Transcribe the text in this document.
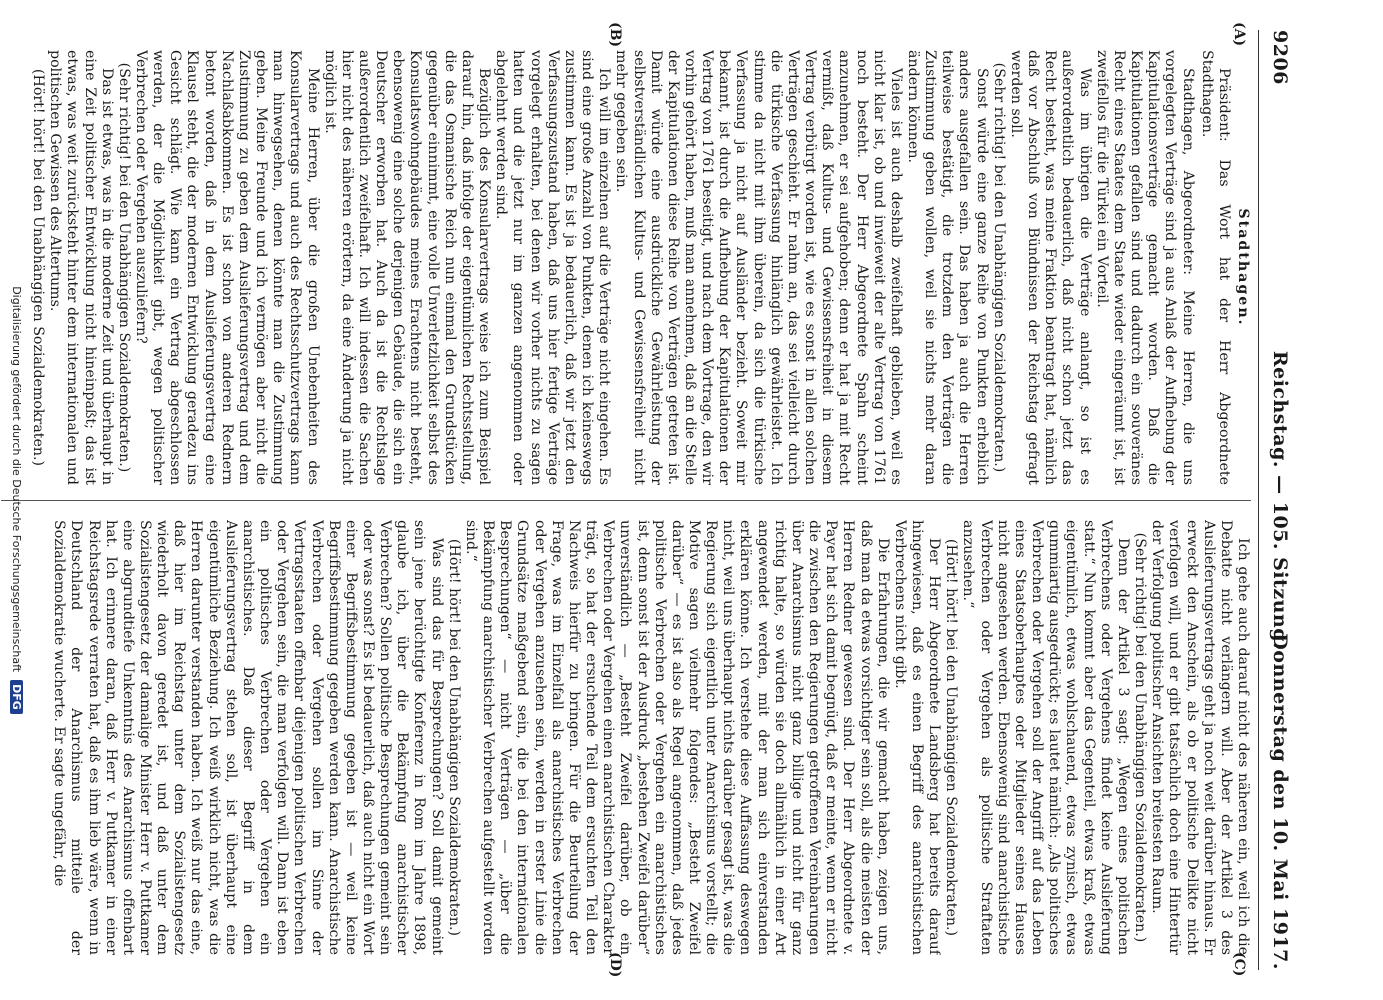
9206
Reichstag. — 105. Sitzung.
Donnerstag den 10. Mai 1917.
(A)
(B)
(C)
(D)

Stadthagen.

Präsident: Das Wort hat der Herr Abgeordnete Stadthagen.

Stadthagen, Abgeordneter: Meine Herren, die uns vorgelegten Verträge sind ja aus Anlaß der Aufhebung der Kapitulationsverträge gemacht worden. Daß die Kapitulationen gefallen sind und dadurch ein souveränes Recht eines Staates dem Staate wieder eingeräumt ist, ist zweifellos für die Türkei ein Vorteil.

Was im übrigen die Verträge anlangt, so ist es außerordentlich bedauerlich, daß nicht schon jetzt das Recht besteht, was meine Fraktion beantragt hat, nämlich daß vor Abschluß von Bündnissen der Reichstag gefragt werden soll.

(Sehr richtig! bei den Unabhängigen Sozialdemokraten.)

Sonst würde eine ganze Reihe von Punkten erheblich anders ausgefallen sein. Das haben ja auch die Herren teilweise bestätigt, die trotzdem den Verträgen die Zustimmung geben wollen, weil sie nichts mehr daran ändern können.

Vieles ist auch deshalb zweifelhaft geblieben, weil es nicht klar ist, ob und inwieweit der alte Vertrag von 1761 noch besteht. Der Herr Abgeordnete Spahn scheint anzunehmen, er sei aufgehoben; denn er hat ja mit Recht vermißt, daß Kultus- und Gewissensfreiheit in diesem Vertrag verbürgt worden ist, wie es sonst in allen solchen Verträgen geschieht. Er nahm an, das sei vielleicht durch die türkische Verfassung hinlänglich gewährleistet. Ich stimme da nicht mit ihm überein, da sich die türkische Verfassung ja nicht auf Ausländer bezieht. Soweit mir bekannt, ist durch die Aufhebung der Kapitulationen der Vertrag von 1761 beseitigt, und nach dem Vortrage, den wir vorhin gehört haben, muß man annehmen, daß an die Stelle der Kapitulationen diese Reihe von Verträgen getreten ist. Damit würde eine ausdrückliche Gewährleistung der selbstverständlichen Kultus- und Gewissensfreiheit nicht mehr gegeben sein.

Ich will im einzelnen auf die Verträge nicht eingehen. Es sind eine große Anzahl von Punkten, denen ich keineswegs zustimmen kann. Es ist ja bedauerlich, daß wir jetzt den Verfassungszustand haben, daß uns hier fertige Verträge vorgelegt erhalten, bei denen wir vorher nichts zu sagen hatten und die jetzt nur im ganzen angenommen oder abgelehnt werden sind.

Bezüglich des Konsularvertrags weise ich zum Beispiel darauf hin, daß infolge der eigentümlichen Rechtsstellung, die das Osmanische Reich nun einmal den Grundstücken gegenüber einnimmt, eine volle Unverletzlichkeit selbst des Konsulatswohngebäudes meines Erachtens nicht besteht, ebensowenig eine solche derjenigen Gebäude, die sich ein Deutscher erworben hat. Auch da ist die Rechtslage außerordentlich zweifelhaft. Ich will indessen die Sachen hier nicht des näheren erörtern, da eine Änderung ja nicht möglich ist.

Meine Herren, über die großen Unebenheiten des Konsularvertrags und auch des Rechtsschutzvertrags kann man hinwegsehen, denen könnte man die Zustimmung geben. Meine Freunde und ich vermögen aber nicht die Zustimmung zu geben dem Auslieferungsvertrag und dem Nachlaßabkommen. Es ist schon von anderen Rednern betont worden, daß in dem Auslieferungsvertrag eine Klausel steht, die der modernen Entwicklung geradezu ins Gesicht schlägt. Wie kann ein Vertrag abgeschlossen werden, der die Möglichkeit gibt, wegen politischer Verbrechen oder Vergehen auszuliefern?

(Sehr richtig! bei den Unabhängigen Sozialdemokraten.)

Das ist etwas, was in die moderne Zeit und überhaupt in eine Zeit politischer Entwicklung nicht hineinpaßt; das ist etwas, was weit zurücksteht hinter dem internationalen und politischen Gewissen des Altertums.

(Hört! hört! bei den Unabhängigen Sozialdemokraten.)

Ich gehe auch darauf nicht des näheren ein, weil ich die Debatte nicht verlängern will. Aber der Artikel 3 des Auslieferungsvertrags geht ja noch weit darüber hinaus. Er erweckt den Anschein, als ob er politische Delikte nicht verfolgen will, und er gibt tatsächlich doch eine Hintertür der Verfolgung politischer Ansichten breitesten Raum.

(Sehr richtig! bei den Unabhängigen Sozialdemokraten.)

Denn der Artikel 3 sagt: „Wegen eines politischen Verbrechens oder Vergehens findet keine Auslieferung statt.“ Nun kommt aber das Gegenteil, etwas kraß, etwas eigentümlich, etwas wohlschauend, etwas zynisch, etwas gummiartig ausgedrückt; es lautet nämlich: „Als politisches Verbrechen oder Vergehen soll der Angriff auf das Leben eines Staatsoberhauptes oder Mitglieder seines Hauses nicht angesehen werden. Ebensowenig sind anarchistische Verbrechen oder Vergehen als politische Straftaten anzusehen.“

(Hört! hört! bei den Unabhängigen Sozialdemokraten.)

Der Herr Abgeordnete Landsberg hat bereits darauf hingewiesen, daß es einen Begriff des anarchistischen Verbrechens nicht gibt.

Die Erfahrungen, die wir gemacht haben, zeigen uns, daß man da etwas vorsichtiger sein soll, als die meisten der Herren Redner gewesen sind. Der Herr Abgeordnete v. Payer hat sich damit begnügt, daß er meinte, wenn er nicht die zwischen den Regierungen getroffenen Vereinbarungen über Anarchismus nicht ganz billige und nicht für ganz richtig halte, so würden sie doch allmählich in einer Art angewendet werden, mit der man sich einverstanden erklären könne. Ich verstehe diese Auffassung deswegen nicht, weil uns überhaupt nichts darüber gesagt ist, was die Regierung sich eigentlich unter Anarchismus vorstellt; die Motive sagen vielmehr folgendes: „Besteht Zweifel darüber“ — es ist also als Regel angenommen, daß jedes politische Verbrechen oder Vergehen ein anarchistisches ist, denn sonst ist der Ausdruck „bestehen Zweifel darüber“ unverständlich — „Besteht Zweifel darüber, ob ein Verbrechen oder Vergehen einen anarchistischen Charakter trägt, so hat der ersuchende Teil dem ersuchten Teil den Nachweis hierfür zu bringen. Für die Beurteilung der Frage, was im Einzelfall als anarchistisches Verbrechen oder Vergehen anzusehen sein, werden in erster Linie die Grundsätze maßgebend sein, die bei den internationalen Besprechungen“ — nicht Verträgen — „über die Bekämpfung anarchistischer Verbrechen aufgestellt worden sind.“

(Hört! hört! bei den Unabhängigen Sozialdemokraten.)

Was sind das für Besprechungen? Soll damit gemeint sein jene berüchtigte Konferenz in Rom im Jahre 1898, glaube ich, über die Bekämpfung anarchistischer Verbrechen? Sollen politische Besprechungen gemeint sein oder was sonst? Es ist bedauerlich, daß auch nicht ein Wort einer Begriffsbestimmung gegeben ist — weil keine Begriffsbestimmung gegeben werden kann. Anarchistische Verbrechen oder Vergehen sollen im Sinne der Vertragsstaaten offenbar diejenigen politischen Verbrechen oder Vergehen sein, die man verfolgen will. Dann ist eben ein politisches Verbrechen oder Vergehen ein anarchistisches. Daß dieser Begriff in dem Auslieferungsvertrag stehen soll, ist überhaupt eine eigentümliche Beziehung. Ich weiß wirklich nicht, was die Herren darunter verstanden haben. Ich weiß nur das eine, daß hier im Reichstag unter dem Sozialistengesetz wiederholt davon geredet ist, und daß unter dem Sozialistengesetz der damalige Minister Herr v. Puttkamer eine abgrundtiefe Unkenntnis des Anarchismus offenbart hat. Ich erinnere daran, daß Herr v. Puttkamer in einer Reichstagsrede verraten hat, daß es ihm lieb wäre, wenn in Deutschland der Anarchismus mitteile der Sozialdemokratie wucherte. Er sagte ungefähr, die

Digitalisierung gefördert durch die Deutsche ForschungsgemeinschaftDFG
